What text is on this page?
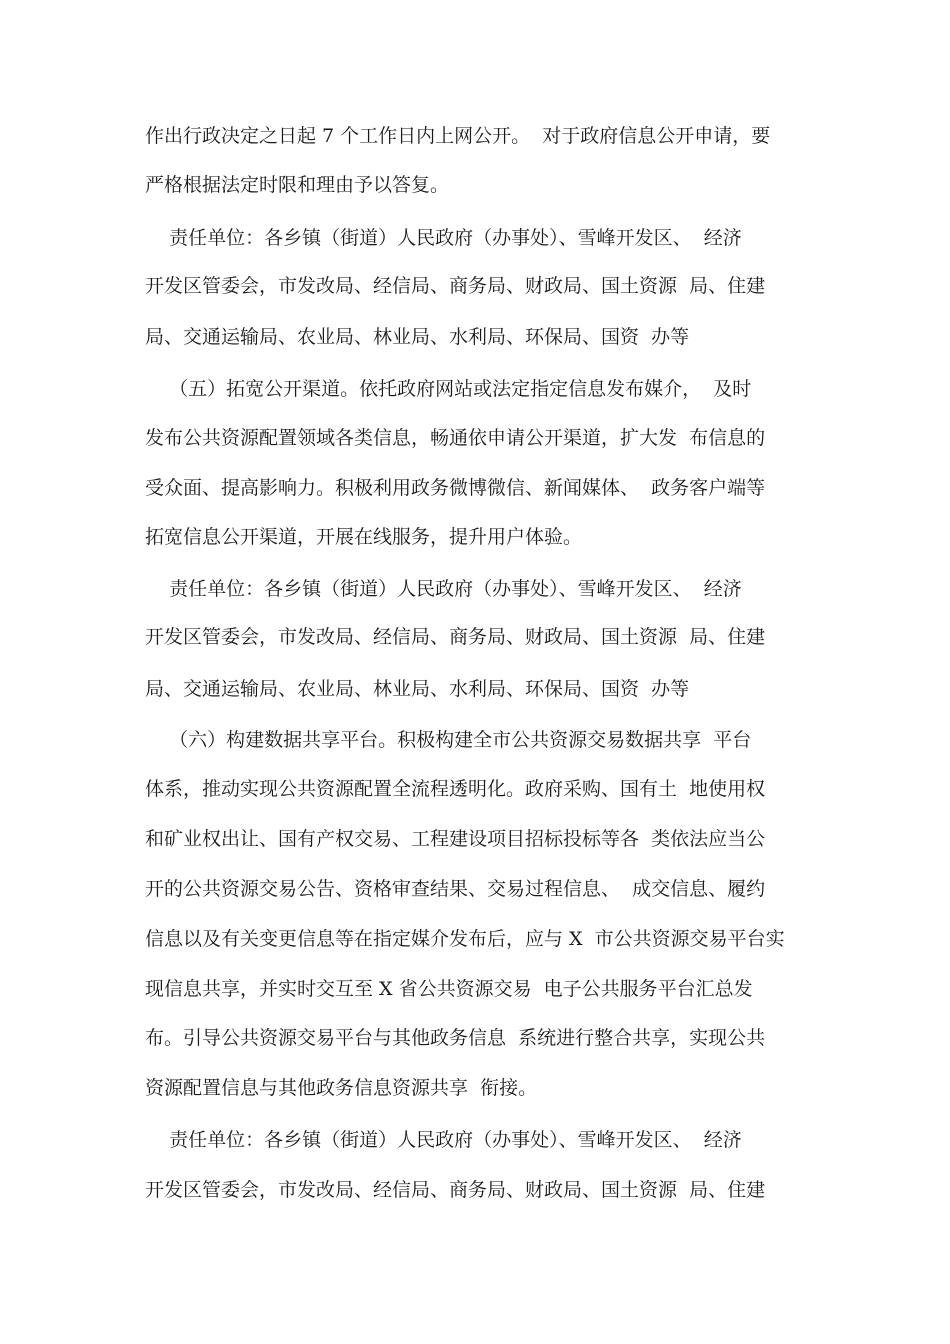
作出行政决定之日起 7 个工作日内上网公开。  对于政府信息公开申请，要
严格根据法定时限和理由予以答复。
责任单位：各乡镇（街道）人民政府（办事处）、雪峰开发区、  经济
开发区管委会，市发改局、经信局、商务局、财政局、国土资源  局、住建
局、交通运输局、农业局、林业局、水利局、环保局、国资  办等
（五）拓宽公开渠道。依托政府网站或法定指定信息发布媒介，  及时
发布公共资源配置领域各类信息，畅通依申请公开渠道，扩大发  布信息的
受众面、提高影响力。积极利用政务微博微信、新闻媒体、  政务客户端等
拓宽信息公开渠道，开展在线服务，提升用户体验。
责任单位：各乡镇（街道）人民政府（办事处）、雪峰开发区、  经济
开发区管委会，市发改局、经信局、商务局、财政局、国土资源  局、住建
局、交通运输局、农业局、林业局、水利局、环保局、国资  办等
（六）构建数据共享平台。积极构建全市公共资源交易数据共享  平台
体系，推动实现公共资源配置全流程透明化。政府采购、国有土  地使用权
和矿业权出让、国有产权交易、工程建设项目招标投标等各  类依法应当公
开的公共资源交易公告、资格审查结果、交易过程信息、  成交信息、履约
信息以及有关变更信息等在指定媒介发布后，应与 X  市公共资源交易平台实
现信息共享，并实时交互至 X 省公共资源交易  电子公共服务平台汇总发
布。引导公共资源交易平台与其他政务信息  系统进行整合共享，实现公共
资源配置信息与其他政务信息资源共享  衔接。
责任单位：各乡镇（街道）人民政府（办事处）、雪峰开发区、  经济
开发区管委会，市发改局、经信局、商务局、财政局、国土资源  局、住建
